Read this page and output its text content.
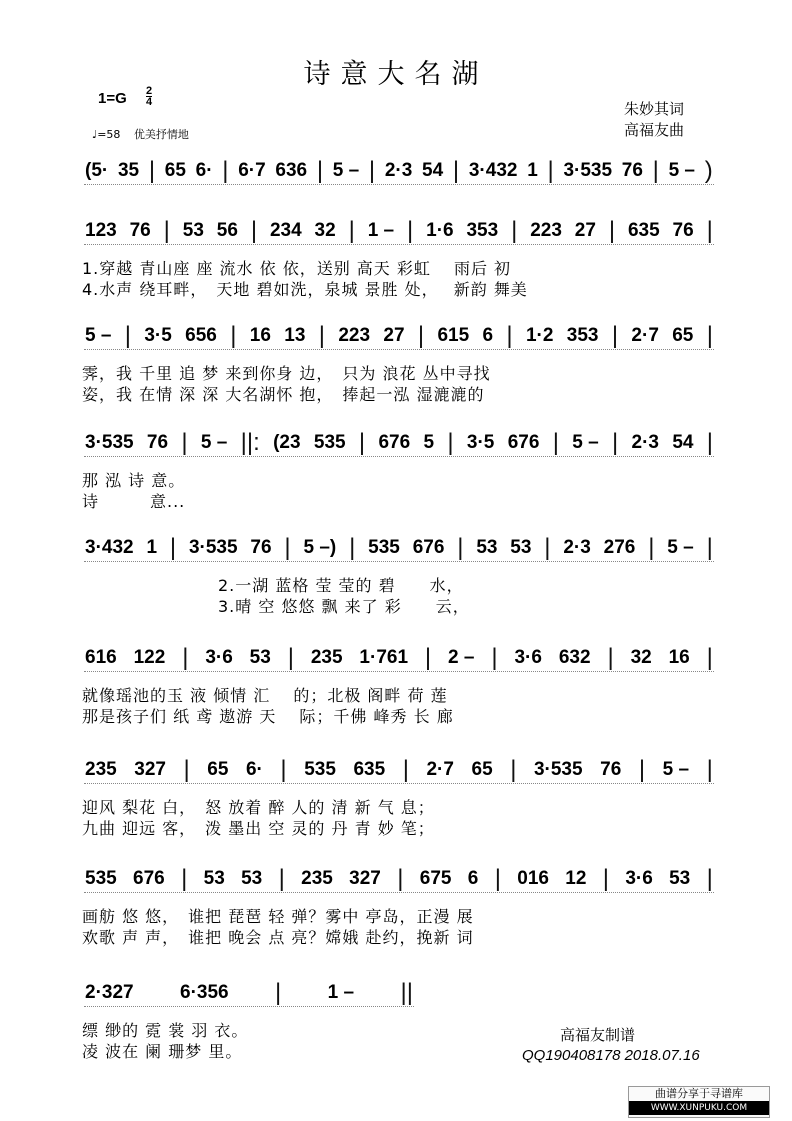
诗意大名湖
$1=G \frac{2}{4}$
♩=58 优美抒情地
朱妙其词
高福友曲
(5· 35 | 65 6· | 6·7 636 | 5 – | 2·3 54 | 3·432 1 | 3·535 76 | 5 – )
123 76 | 53 56 | 234 32 | 1 – | 1·6 353 | 223 27 | 635 76 |
1.穿越 青山座 座 流水 依 依，送别 高天 彩虹　 雨后 初
4.水声 绕耳畔，　天地 碧如洗，泉城 景胜 处，　 新韵 舞美
5 – | 3·5 656 | 16 13 | 223 27 | 615 6 | 1·2 353 | 2·7 65 |
霁，我 千里 追 梦 来到你身 边，　只为 浪花 丛中寻找
姿，我 在情 深 深 大名湖怀 抱，　捧起一泓 湿漉漉的
3·535 76 | 5 – ||: (23 535 | 676 5 | 3·5 676 | 5 – | 2·3 54 |
那 泓 诗 意。
诗　　　意...
3·432 1 | 3·535 76 | 5 –) | 535 676 | 53 53 | 2·3 276 | 5 – |
　　　　　　　　2.一湖 蓝格 莹 莹的 碧　　水，
　　　　　　　　3.晴 空 悠悠 飘 来了 彩　　云，
616 122 | 3·6 53 | 235 1·761 | 2 – | 3·6 632 | 32 16 |
就像瑶池的玉 液 倾情 汇　 的；北极 阁畔 荷 莲
那是孩子们 纸 鸢 遨游 天　 际；千佛 峰秀 长 廊
235 327 | 65 6· | 535 635 | 2·7 65 | 3·535 76 | 5 – |
迎风 梨花 白，　怒 放着 醉 人的 清 新 气 息；
九曲 迎远 客，　泼 墨出 空 灵的 丹 青 妙 笔；
535 676 | 53 53 | 235 327 | 675 6 | 016 12 | 3·6 53 |
画舫 悠 悠，　谁把 琵琶 轻 弹？雾中 亭岛，正漫 展
欢歌 声 声，　谁把 晚会 点 亮？嫦娥 赴约，挽新 词
2·327 6·356 | 1 – ||
缥 缈的 霓 裳 羽 衣。
凌 波在 阑 珊梦 里。
高福友制谱
QQ190408178 2018.07.16
曲谱分享于寻谱库
WWW.XUNPUKU.COM
